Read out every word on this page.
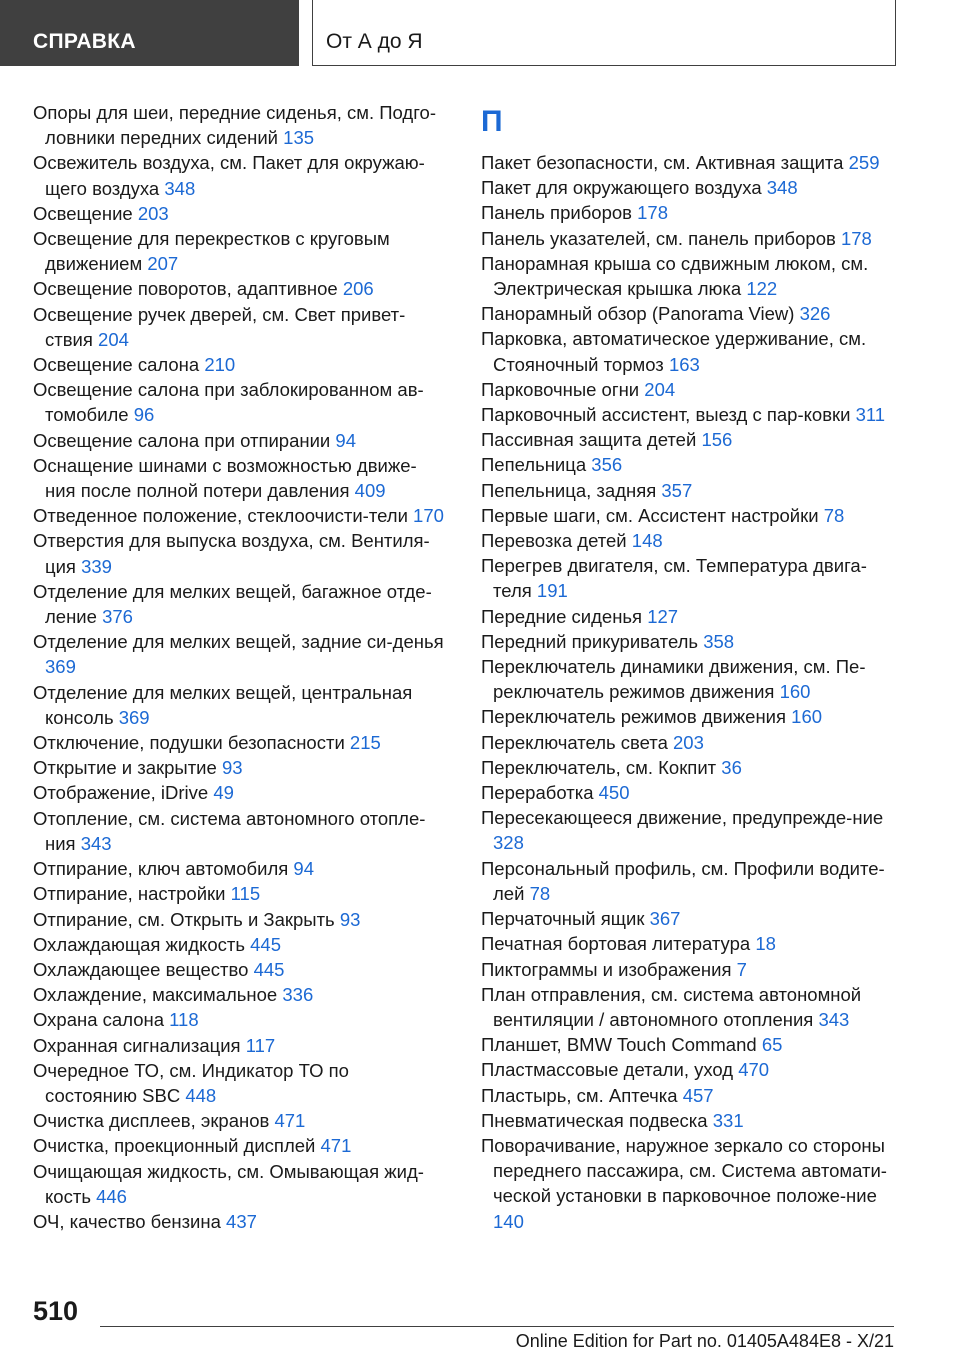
СПРАВКА	От А до Я
Опоры для шеи, передние сиденья, см. Подго-ловники передних сидений 135
Освежитель воздуха, см. Пакет для окружаю-щего воздуха 348
Освещение 203
Освещение для перекрестков с круговым движением 207
Освещение поворотов, адаптивное 206
Освещение ручек дверей, см. Свет привет-ствия 204
Освещение салона 210
Освещение салона при заблокированном ав-томобиле 96
Освещение салона при отпирании 94
Оснащение шинами с возможностью движе-ния после полной потери давления 409
Отведенное положение, стеклоочисти-тели 170
Отверстия для выпуска воздуха, см. Вентиля-ция 339
Отделение для мелких вещей, багажное отде-ление 376
Отделение для мелких вещей, задние си-денья 369
Отделение для мелких вещей, центральная консоль 369
Отключение, подушки безопасности 215
Открытие и закрытие 93
Отображение, iDrive 49
Отопление, см. система автономного отопле-ния 343
Отпирание, ключ автомобиля 94
Отпирание, настройки 115
Отпирание, см. Открыть и Закрыть 93
Охлаждающая жидкость 445
Охлаждающее вещество 445
Охлаждение, максимальное 336
Охрана салона 118
Охранная сигнализация 117
Очередное ТО, см. Индикатор ТО по состоянию SBC 448
Очистка дисплеев, экранов 471
Очистка, проекционный дисплей 471
Очищающая жидкость, см. Омывающая жид-кость 446
ОЧ, качество бензина 437
П
Пакет безопасности, см. Активная защита 259
Пакет для окружающего воздуха 348
Панель приборов 178
Панель указателей, см. панель приборов 178
Панорамная крыша со сдвижным люком, см. Электрическая крышка люка 122
Панорамный обзор (Panorama View) 326
Парковка, автоматическое удерживание, см. Стояночный тормоз 163
Парковочные огни 204
Парковочный ассистент, выезд с пар-ковки 311
Пассивная защита детей 156
Пепельница 356
Пепельница, задняя 357
Первые шаги, см. Ассистент настройки 78
Перевозка детей 148
Перегрев двигателя, см. Температура двига-теля 191
Передние сиденья 127
Передний прикуриватель 358
Переключатель динамики движения, см. Пе-реключатель режимов движения 160
Переключатель режимов движения 160
Переключатель света 203
Переключатель, см. Кокпит 36
Переработка 450
Пересекающееся движение, предупрежде-ние 328
Персональный профиль, см. Профили водите-лей 78
Перчаточный ящик 367
Печатная бортовая литература 18
Пиктограммы и изображения 7
План отправления, см. система автономной вентиляции / автономного отопления 343
Планшет, BMW Touch Command 65
Пластмассовые детали, уход 470
Пластырь, см. Аптечка 457
Пневматическая подвеска 331
Поворачивание, наружное зеркало со стороны переднего пассажира, см. Система автомати-ческой установки в парковочное положе-ние 140
510
Online Edition for Part no. 01405A484E8 - X/21
